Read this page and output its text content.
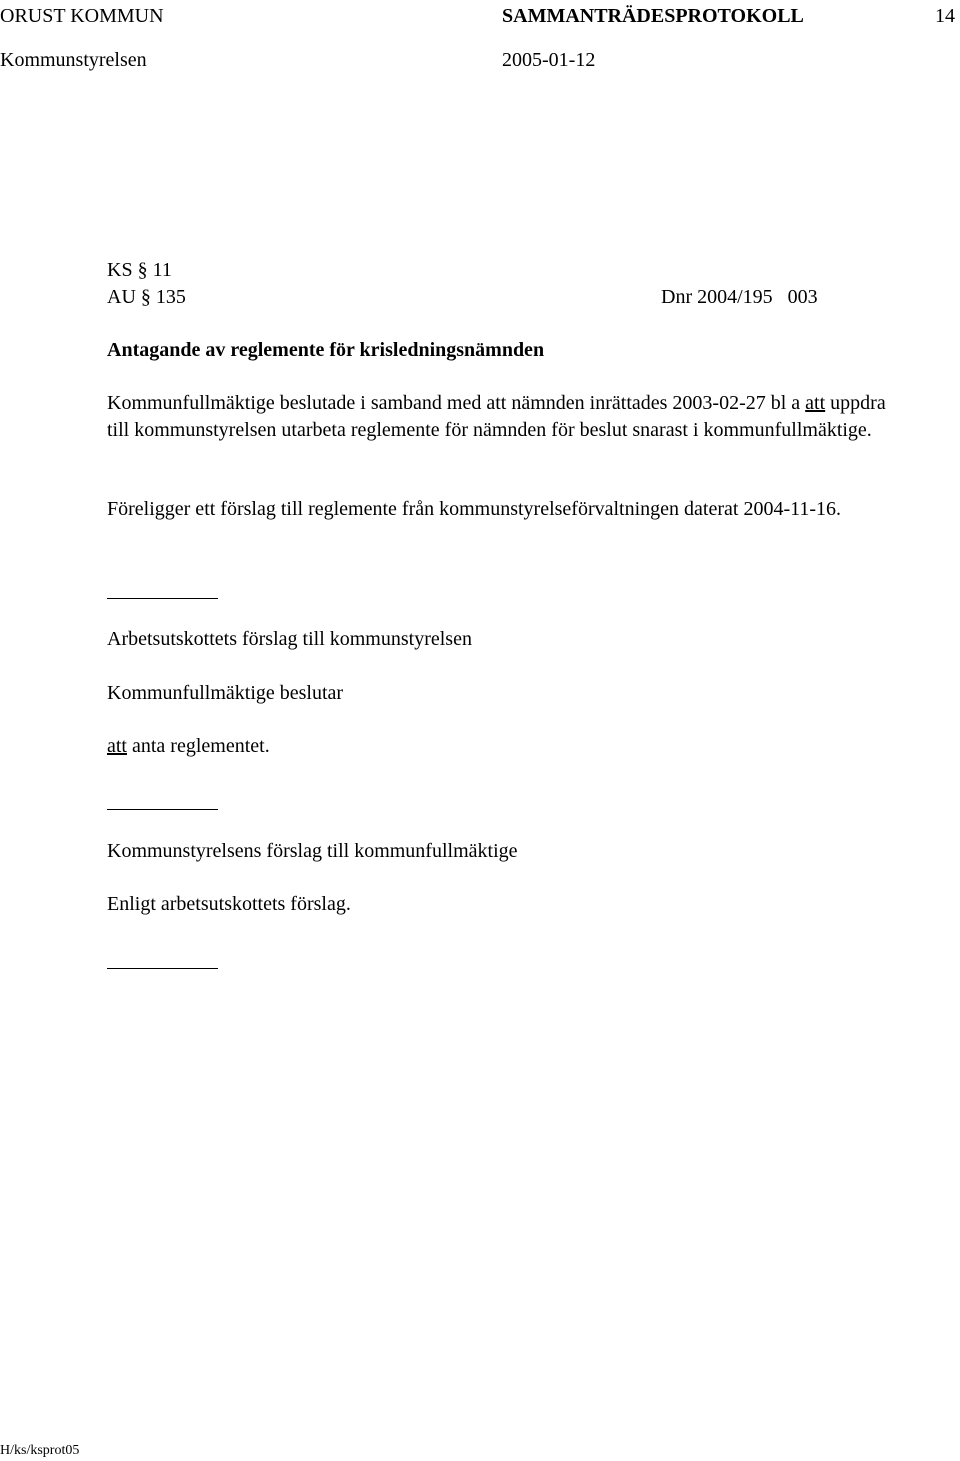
ORUST KOMMUN	SAMMANTRÄDESPROTOKOLL	14
Kommunstyrelsen	2005-01-12
KS § 11
AU § 135	Dnr 2004/195   003
Antagande av reglemente för krisledningsnämnden
Kommunfullmäktige beslutade i samband med att nämnden inrättades 2003-02-27 bl a att uppdra till kommunstyrelsen utarbeta reglemente för nämnden för beslut snarast i kommunfullmäktige.
Föreligger ett förslag till reglemente från kommunstyrelseförvaltningen daterat 2004-11-16.
Arbetsutskottets förslag till kommunstyrelsen
Kommunfullmäktige beslutar
att anta reglementet.
Kommunstyrelsens förslag till kommunfullmäktige
Enligt arbetsutskottets förslag.
H/ks/ksprot05
